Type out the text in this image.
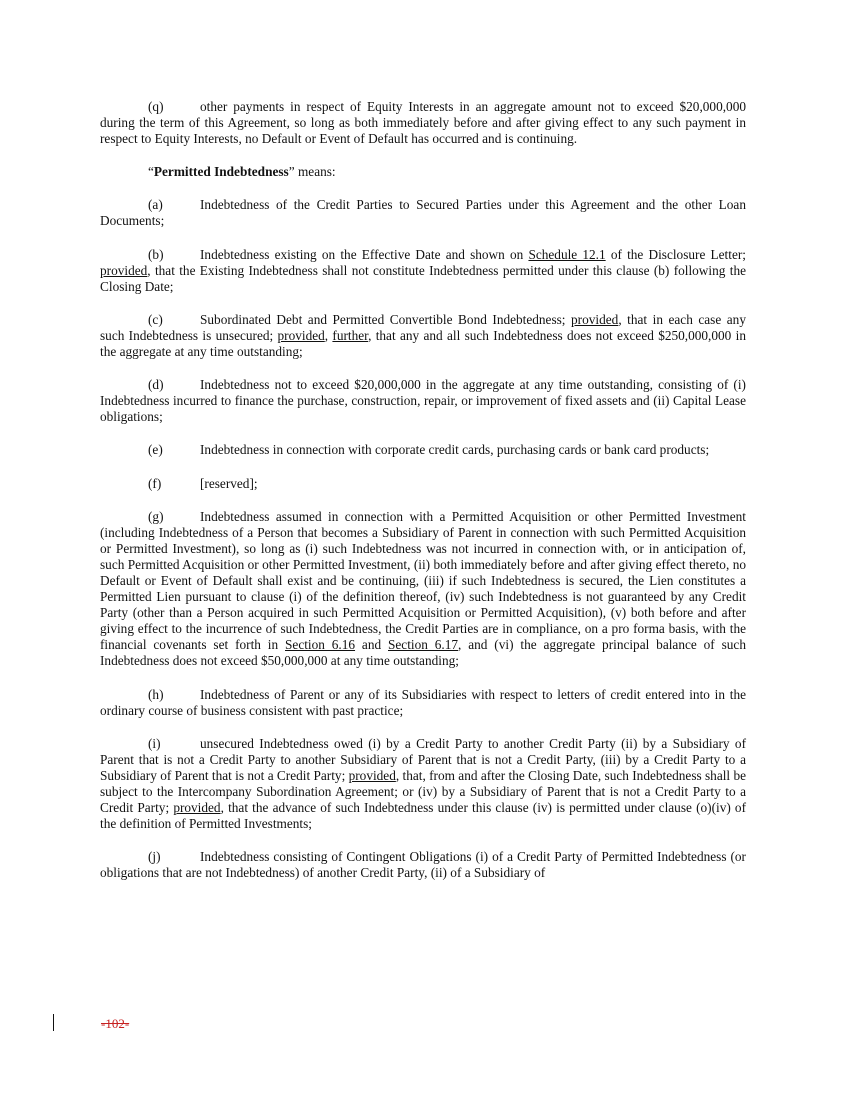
(q)	other payments in respect of Equity Interests in an aggregate amount not to exceed $20,000,000 during the term of this Agreement, so long as both immediately before and after giving effect to any such payment in respect to Equity Interests, no Default or Event of Default has occurred and is continuing.

“Permitted Indebtedness” means:

(a)	Indebtedness of the Credit Parties to Secured Parties under this Agreement and the other Loan Documents;

(b)	Indebtedness existing on the Effective Date and shown on Schedule 12.1 of the Disclosure Letter; provided, that the Existing Indebtedness shall not constitute Indebtedness permitted under this clause (b) following the Closing Date;

(c)	Subordinated Debt and Permitted Convertible Bond Indebtedness; provided, that in each case any such Indebtedness is unsecured; provided, further, that any and all such Indebtedness does not exceed $250,000,000 in the aggregate at any time outstanding;

(d)	Indebtedness not to exceed $20,000,000 in the aggregate at any time outstanding, consisting of (i) Indebtedness incurred to finance the purchase, construction, repair, or improvement of fixed assets and (ii) Capital Lease obligations;

(e)	Indebtedness in connection with corporate credit cards, purchasing cards or bank card products;

(f)	[reserved];

(g)	Indebtedness assumed in connection with a Permitted Acquisition or other Permitted Investment (including Indebtedness of a Person that becomes a Subsidiary of Parent in connection with such Permitted Acquisition or Permitted Investment), so long as (i) such Indebtedness was not incurred in connection with, or in anticipation of, such Permitted Acquisition or other Permitted Investment, (ii) both immediately before and after giving effect thereto, no Default or Event of Default shall exist and be continuing, (iii) if such Indebtedness is secured, the Lien constitutes a Permitted Lien pursuant to clause (i) of the definition thereof, (iv) such Indebtedness is not guaranteed by any Credit Party (other than a Person acquired in such Permitted Acquisition or Permitted Acquisition), (v) both before and after giving effect to the incurrence of such Indebtedness, the Credit Parties are in compliance, on a pro forma basis, with the financial covenants set forth in Section 6.16 and Section 6.17, and (vi) the aggregate principal balance of such Indebtedness does not exceed $50,000,000 at any time outstanding;

(h)	Indebtedness of Parent or any of its Subsidiaries with respect to letters of credit entered into in the ordinary course of business consistent with past practice;

(i)	unsecured Indebtedness owed (i) by a Credit Party to another Credit Party (ii) by a Subsidiary of Parent that is not a Credit Party to another Subsidiary of Parent that is not a Credit Party, (iii) by a Credit Party to a Subsidiary of Parent that is not a Credit Party; provided, that, from and after the Closing Date, such Indebtedness shall be subject to the Intercompany Subordination Agreement; or (iv) by a Subsidiary of Parent that is not a Credit Party to a Credit Party; provided, that the advance of such Indebtedness under this clause (iv) is permitted under clause (o)(iv) of the definition of Permitted Investments;

(j)	Indebtedness consisting of Contingent Obligations (i) of a Credit Party of Permitted Indebtedness (or obligations that are not Indebtedness) of another Credit Party, (ii) of a Subsidiary of

-102-
